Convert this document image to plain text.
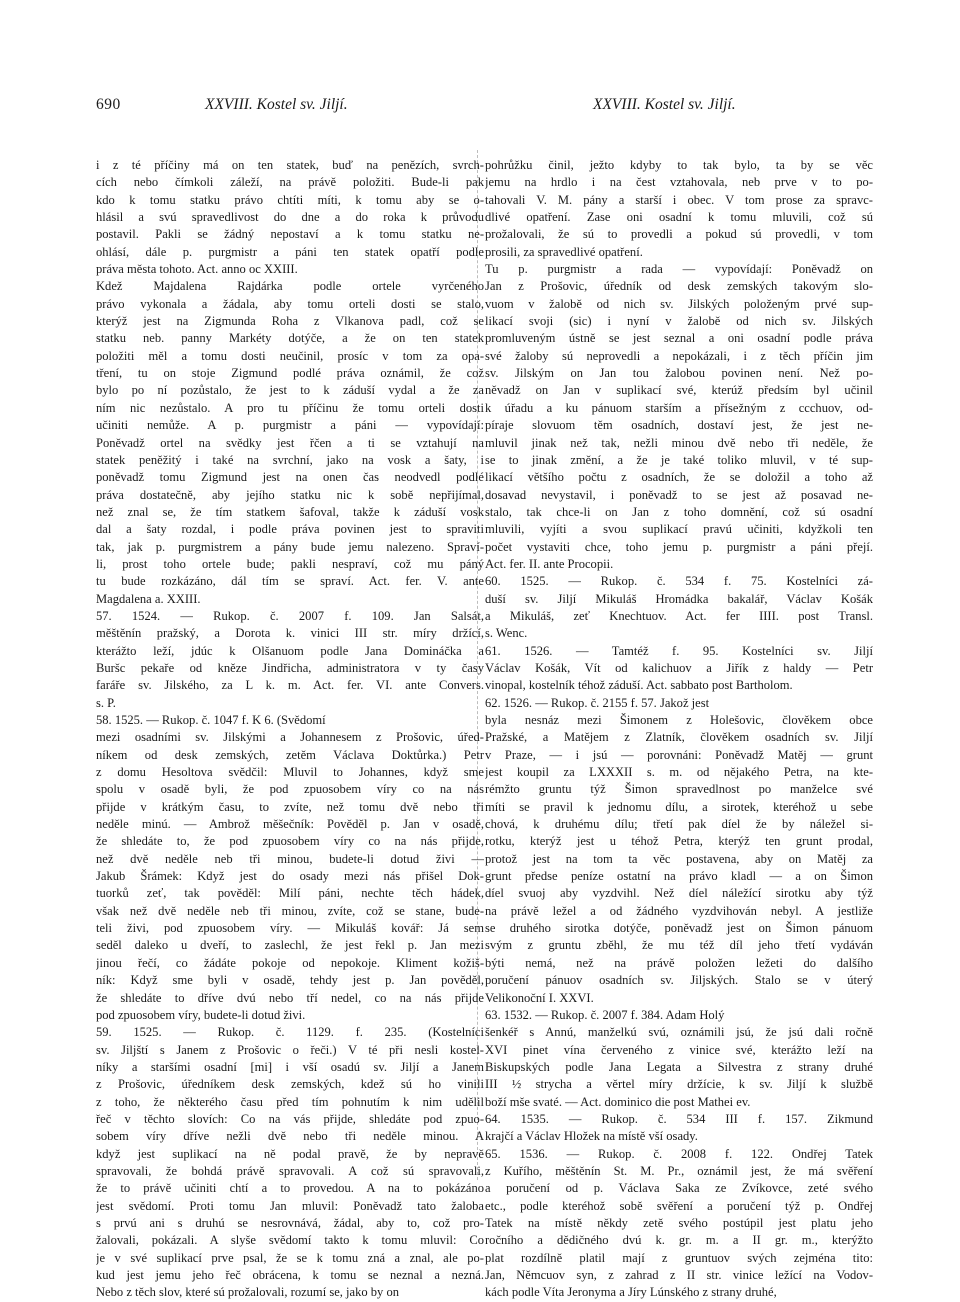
690	XXVIII. Kostel sv. Jiljí.	XXVIII. Kostel sv. Jiljí.
i z té příčiny má on ten statek, buď na penězích, svrch-
cích nebo čímkoli záleží, na právě položiti. Bude-li pak
kdo k tomu statku právo chtíti míti, k tomu aby se o-
hlásil a svú spravedlivost do dne a do roka k průvodu
postavil. Pakli se žádný nepostaví a k tomu statku ne-
ohlásí, dále p. purgmistr a páni ten statek opatří podle
práva města tohoto. Act. anno oc XXIII.
Kdež Majdalena Rajdárka podle ortele vyrčeného
právo vykonala a žádala, aby tomu orteli dosti se stalo,
kterýž jest na Zigmunda Roha z Vlkanova padl, což se
statku neb. panny Markéty dotýče, a že on ten statek
položiti měl a tomu dosti neučinil, prosíc v tom za opa-
tření, tu on stoje Zigmund podlé práva oznámil, že což
bylo po ní pozůstalo, že jest to k záduší vydal a že za
ním nic nezůstalo. A pro tu příčinu že tomu orteli dosti
učiniti nemůže. A p. purgmistr a páni — vypovídají:
Poněvadž ortel na svědky jest řčen a ti se vztahují na
statek peněžitý i také na svrchní, jako na vosk a šaty, i
poněvadž tomu Zigmund jest na onen čas neodvedl podlé
práva dostatečně, aby jejího statku nic k sobě nepřijímal,
než znal se, že tím statkem šafoval, takže k záduší vosk
dal a šaty rozdal, i podle práva povinen jest to spraviti
tak, jak p. purgmistrem a pány bude jemu nalezeno. Spraví-
li, prost toho ortele bude; pakli nespraví, což mu páný
tu bude rozkázáno, dál tím se spraví. Act. fer. V. ante
Magdalena a. XXIII.
57. 1524. — Rukop. č. 2007 f. 109. Jan Salsát,
měštěnín pražský, a Dorota k. vinici III str. míry držící,
kterážto leží, jdúc k Olšanuom podle Jana Domináčka a
Buršc pekaře od kněze Jindřicha, administratora v ty časy
faráře sv. Jilského, za L k. m. Act. fer. VI. ante Convers.
s. P.
58. 1525. — Rukop. č. 1047 f. K 6. (Svědomí
mezi osadními sv. Jilskými a Johannesem z Prošovic, úřed-
níkem od desk zemských, zetěm Václava Doktůrka.) Petr
z domu Hesoltova svědčil: Mluvil to Johannes, když sme
spolu v osadě byli, že pod zpuosobem víry co na nás
přijde v krátkým času, to zvíte, než tomu dvě nebo tři
neděle minú. — Ambrož měšečník: Pověděl p. Jan v osadě,
že shledáte to, že pod zpuosobem víry co na nás přijde,
než dvě neděle neb tři minou, budete-li dotud živi —
Jakub Šrámek: Když jest do osady mezi nás přišel Dok-
tuorků zeť, tak pověděl: Milí páni, nechte těch hádek,
však než dvě neděle neb tři minou, zvíte, což se stane, bude-
teli živi, pod zpuosobem víry. — Mikuláš kovář: Já sem
seděl daleko u dveří, to zaslechl, že jest řekl p. Jan mezi
jinou řečí, co žádáte pokoje od nepokoje. Kliment kožiš-
ník: Když sme byli v osadě, tehdy jest p. Jan pověděl,
že shledáte to dříve dvú nebo tří nedel, co na nás přijde
pod zpuosobem víry, budete-li dotud živi.
59. 1525. — Rukop. č. 1129. f. 235. (Kostelníci
sv. Jiljští s Janem z Prošovic o řeči.) V té při nesli kostel-
níky a staršími osadní [mi] i vší osadú sv. Jiljí a Janem
z Prošovic, úředníkem desk zemských, kdež sú ho vinili
z toho, že některého času před tím pohnutím k nim udělil
řeč v těchto slovích: Co na vás přijde, shledáte pod zpuo-
sobem víry dříve nežli dvě nebo tři neděle minou. A
když jest suplikací na ně podal pravě, že by nepravě
spravovali, že bohdá právě spravovali. A což sú spravovali,
že to právě učiniti chtí a to provedou. A na to pokázáno
jest svědomí. Proti tomu Jan mluvil: Poněvadž tato žaloba
s prvú ani s druhú se nesrovnává, žádal, aby to, což pro-
žalovali, pokázali. A slyše svědomí takto k tomu mluvil: Co
je v své suplikací prve psal, že se k tomu zná a znal, ale po-
kud jest jemu jeho řeč obrácena, k tomu se neznal a nezná.
Nebo z těch slov, které sú prožalovali, rozumí se, jako by on
pohrůžku činil, ježto kdyby to tak bylo, ta by se věc
jemu na hrdlo i na čest vztahovala, neb prve v to po-
tahovali V. M. pány a starší i obec. V tom prose za spravc-
dlivé opatření. Zase oni osadní k tomu mluvili, což sú
prožalovali, že sú to provedli a pokud sú provedli, v tom
prosili, za spravedlivé opatření.
Tu p. purgmistr a rada — vypovídají: Poněvadž on
Jan z Prošovic, úředník od desk zemských takovým slo-
vuom v žalobě od nich sv. Jilských položeným prvé sup-
likací svoji (sic) i nyní v žalobě od nich sv. Jilských
promluveným ústně se jest seznal a oni osadní podle práva
své žaloby sú neprovedli a nepokázali, i z těch příčin jim
sv. Jilským on Jan tou žalobou povinen není. Než po-
něvadž on Jan v suplikací své, kterúž předsím byl učinil
k úřadu a ku pánuom starším a přísežným z ccchuov, od-
píraje slovuom těm osadních, dostaví jest, že jest ne-
mluvil jinak než tak, nežli minou dvě nebo tři neděle, že
se to jinak změní, a že je také toliko mluvil, v té sup-
likací většího počtu z osadních, že se doložil a toho až
dosavad nevystavil, i poněvadž to se jest až posavad ne-
stalo, tak chce-li on Jan z toho domnění, což sú osadní
mluvili, vyjíti a svou suplikací pravú učiniti, kdyžkoli ten
počet vystaviti chce, toho jemu p. purgmistr a páni přejí.
Act. fer. II. ante Procopii.
60. 1525. — Rukop. č. 534 f. 75. Kostelníci zá-
duší sv. Jiljí Mikuláš Hromádka bakalář, Václav Košák
a Mikuláš, zeť Knechtuov. Act. fer IIII. post Transl.
s. Wenc.
61. 1526. — Tamtéž f. 95. Kostelníci sv. Jiljí
Václav Košák, Vít od kalichuov a Jiřík z haldy — Petr
vinopal, kostelník téhož záduší. Act. sabbato post Bartholom.
62. 1526. — Rukop. č. 2155 f. 57. Jakož jest
byla nesnáz mezi Šimonem z Holešovic, člověkem obce
Pražské, a Matějem z Zlatník, člověkem osadních sv. Jiljí
v Praze, — i jsú — porovnáni: Poněvadž Matěj — grunt
jest koupil za LXXXII s. m. od nějakého Petra, na kte-
rémžto gruntu týž Šimon spravedlnost po manželce své
míti se pravil k jednomu dílu, a sirotek, kteréhož u sebe
chová, k druhému dílu; třetí pak díel že by náležel si-
rotku, kterýž jest u téhož Petra, kterýž ten grunt prodal,
protož jest na tom ta věc postavena, aby on Matěj za
grunt předse peníze ostatní na právo kladl — a on Šimon
díel svuoj aby vyzdvihl. Než díel náležící sirotku aby týž
na právě ležel a od žádného vyzdvihován nebyl. A jestliže
se druhého sirotka dotýče, poněvadž jest on Šimon pánuom
svým z gruntu zběhl, že mu též díl jeho třetí vydáván
býti nemá, než na právě položen ležeti do dalšího
poručení pánuov osadních sv. Jiljských. Stalo se v úterý
Velikonoční I. XXVI.
63. 1532. — Rukop. č. 2007 f. 384. Adam Holý
šenkéř s Annú, manželkú svú, oznámili jsú, že jsú dali ročně
XVI pinet vína červeného z vinice své, kterážto leží na
Biskupských podle Jana Legata a Silvestra z strany druhé
III ½ strycha a věrtel míry držície, k sv. Jiljí k službě
boží mše svaté. — Act. dominico die post Mathei ev.
64. 1535. — Rukop. č. 534 III f. 157. Zikmund
krajčí a Václav Hložek na místě vší osady.
65. 1536. — Rukop. č. 2008 f. 122. Ondřej Tatek
z Kuřího, měštěnín St. M. Pr., oznámil jest, že má svěření
a poručení od p. Václava Saka ze Zvíkovce, zeté svého
etc., podle kteréhož sobě svěření a poručení týž p. Ondřej
Tatek na místě někdy zetě svého postúpil jest platu jeho
ročního a dědičného dvú k. gr. m. a II gr. m., kterýžto
plat rozdílně platil mají z gruntuov svých zejména tito:
Jan, Němcuov syn, z zahrad z II str. vinice ležící na Vodov-
kách podle Víta Jeronyma a Jíry Lúnského z strany druhé,
